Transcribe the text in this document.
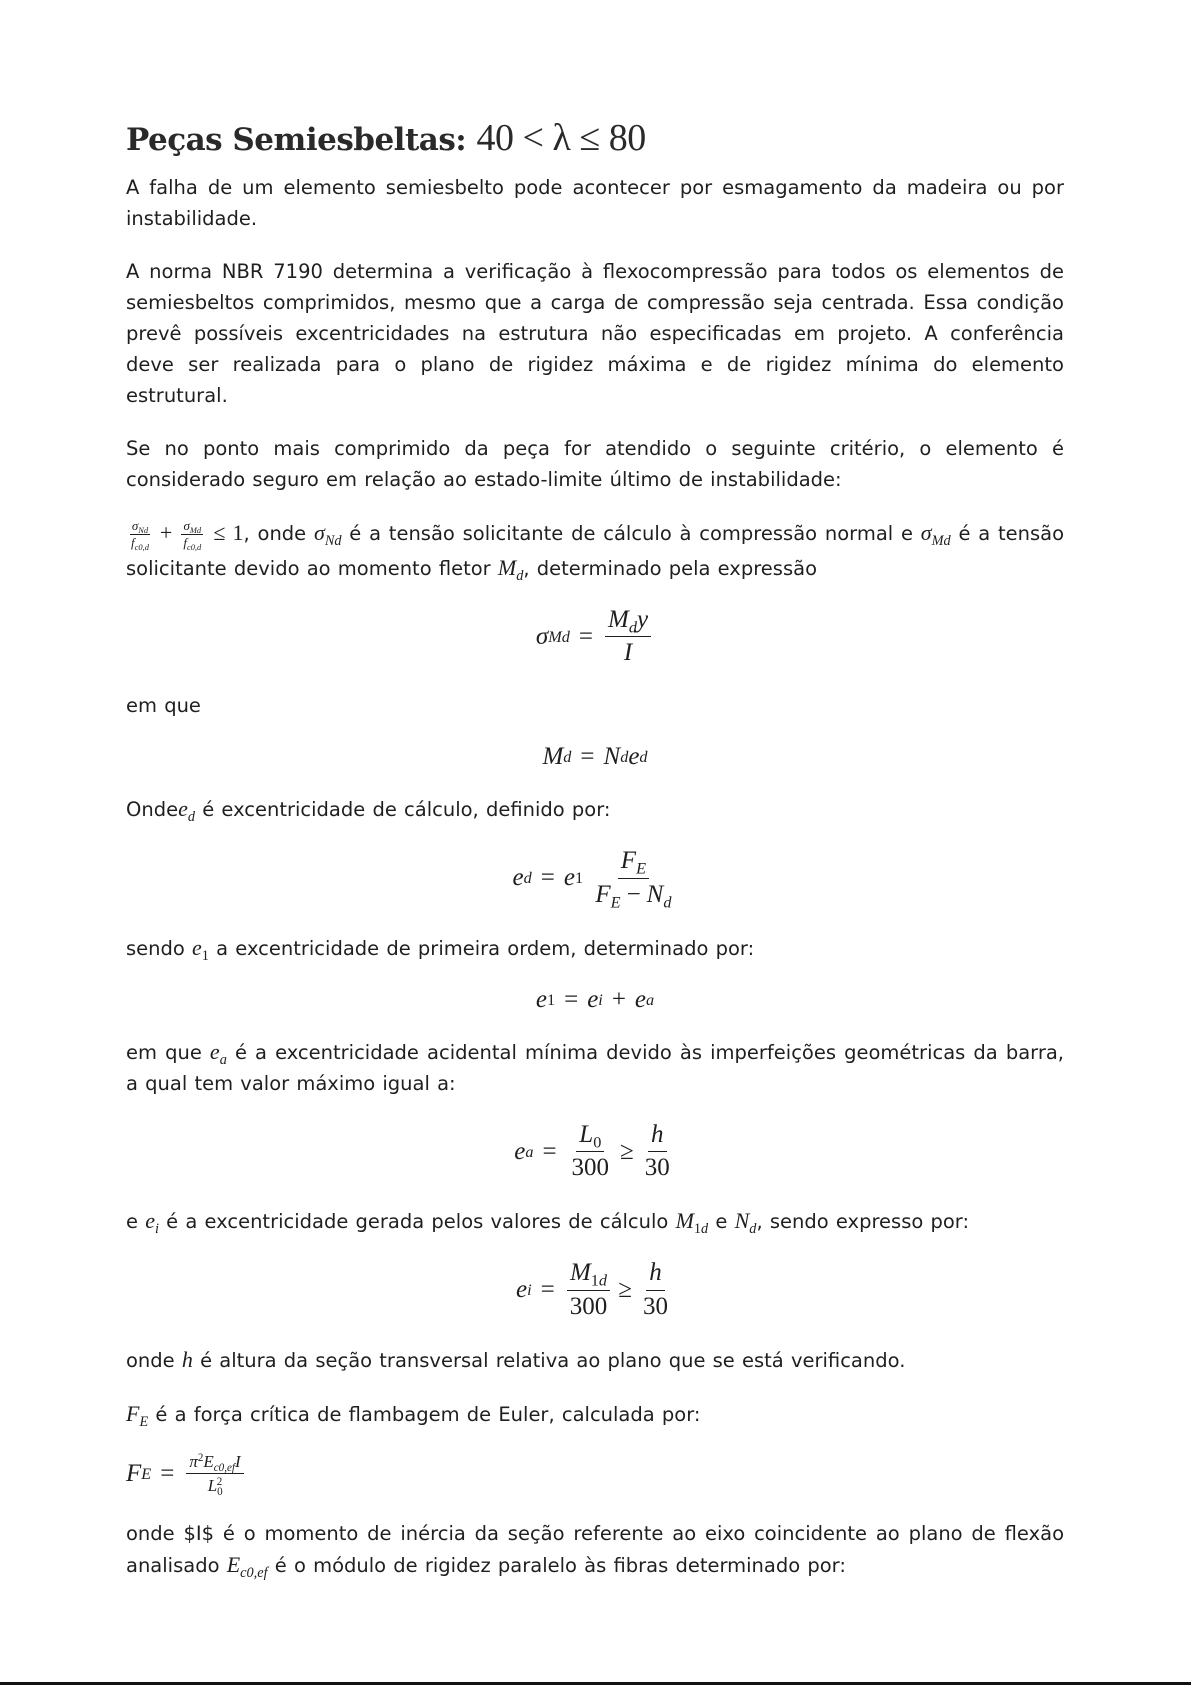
Peças Semiesbeltas: 40 < λ ≤ 80

A falha de um elemento semiesbelto pode acontecer por esmagamento da madeira ou por instabilidade.

A norma NBR 7190 determina a verificação à flexocompressão para todos os elementos de semiesbeltos comprimidos, mesmo que a carga de compressão seja centrada. Essa condição prevê possíveis excentricidades na estrutura não especificadas em projeto. A conferência deve ser realizada para o plano de rigidez máxima e de rigidez mínima do elemento estrutural.

Se no ponto mais comprimido da peça for atendido o seguinte critério, o elemento é considerado seguro em relação ao estado-limite último de instabilidade:

$\frac{\sigma_{Nd}}{f_{c0,d}} + \frac{\sigma_{Md}}{f_{c0,d}} \le 1$, onde $\sigma_{Nd}$ é a tensão solicitante de cálculo à compressão normal e $\sigma_{Md}$ é a tensão solicitante devido ao momento fletor $M_d$, determinado pela expressão

σ $Md = \frac{M_dy}{I}$

em que

M d = N d e d

Ondee$_d$ é excentricidade de cálculo, definido por:

e d = e 1
$\frac{F_E}{F_E - N_d}$

sendo $e_1$ a excentricidade de primeira ordem, determinado por:

e 1 = e i + e a

em que $e_a$ é a excentricidade acidental mínima devido às imperfeições geométricas da barra, a qual tem valor máximo igual a:

e $a = \frac{L_0}{300} \ge \frac{h}{30}$

e $e_i$ é a excentricidade gerada pelos valores de cálculo $M_{1d}$ e $N_d$, sendo expresso por:

e $i = \frac{M_{1d}}{300} \ge \frac{h}{30}$

onde h é altura da seção transversal relativa ao plano que se está verificando.

$F_E$ é a força crítica de flambagem de Euler, calculada por:

F $E = \frac{\pi^2E_{c0,ef}I}{L_0^2}$

onde $I$ é o momento de inércia da seção referente ao eixo coincidente ao plano de flexão analisado $E_{c0,ef}$ é o módulo de rigidez paralelo às fibras determinado por:
